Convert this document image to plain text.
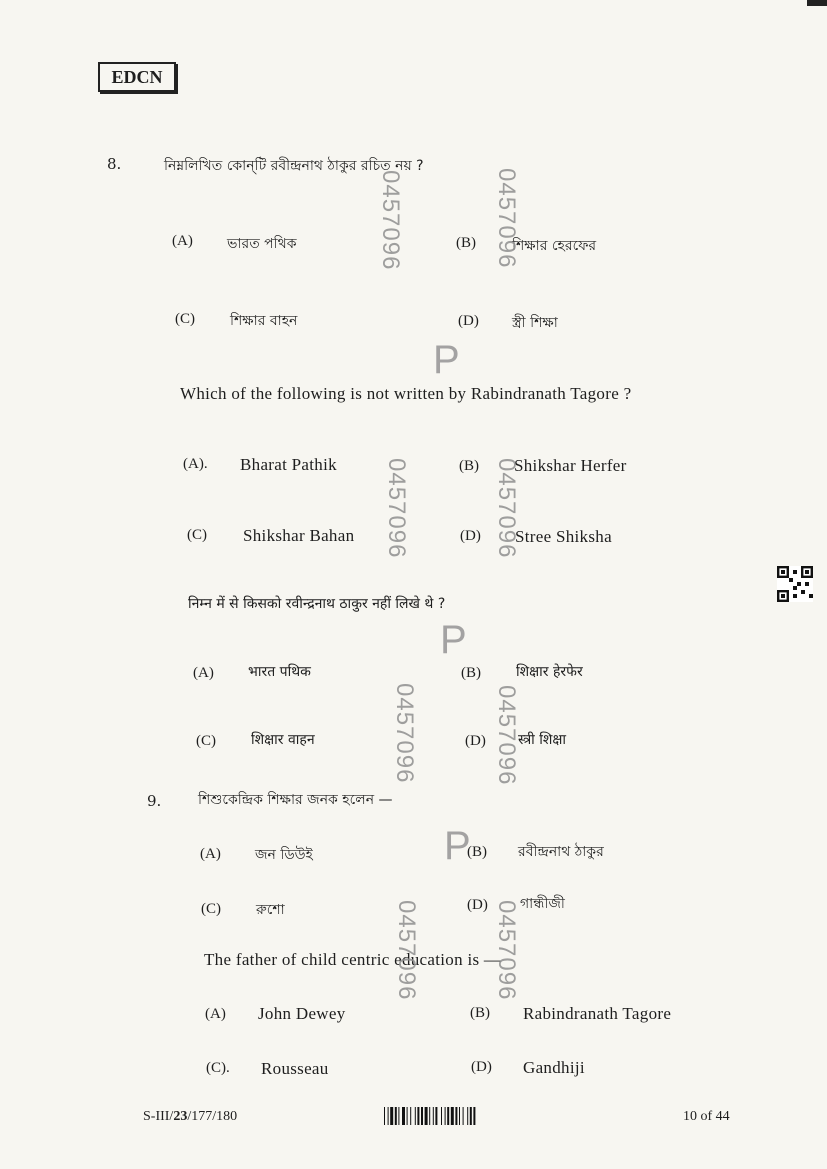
EDCN
8.	নিম্নলিখিত কোন্‌টি রবীন্দ্রনাথ ঠাকুর রচিত নয় ?
(A) ভারত পথিক	(B)	শিক্ষার হেরফের
(C)	শিক্ষার বাহন	(D) স্ত্রী শিক্ষা
Which of the following is not written by Rabindranath Tagore ?
(A). Bharat Pathik	(B) Shikshar Herfer
(C) Shikshar Bahan	(D) Stree Shiksha
निम्न में से किसको रवीन्द्रनाथ ठाकुर नहीं लिखे थे ?
(A) भारत पथिक	(B)	शिक्षार हेरफेर
(C)	शिक्षार वाहन	(D) स्त्री शिक्षा
9.	শিশুকেন্দ্রিক শিক্ষার জনক হলেন —
(A) জন ডিউই	(B) রবীন্দ্রনাথ ঠাকুর
(C)	রুশো	(D) গান্ধীজী
The father of child centric education is —
(A) John Dewey	(B) Rabindranath Tagore
(C). Rousseau	(D) Gandhiji
0457096	0457096
0457096	0457096
0457096	0457096
0457096	0457096
P
P
P
S-III/23/177/180	10 of 44
